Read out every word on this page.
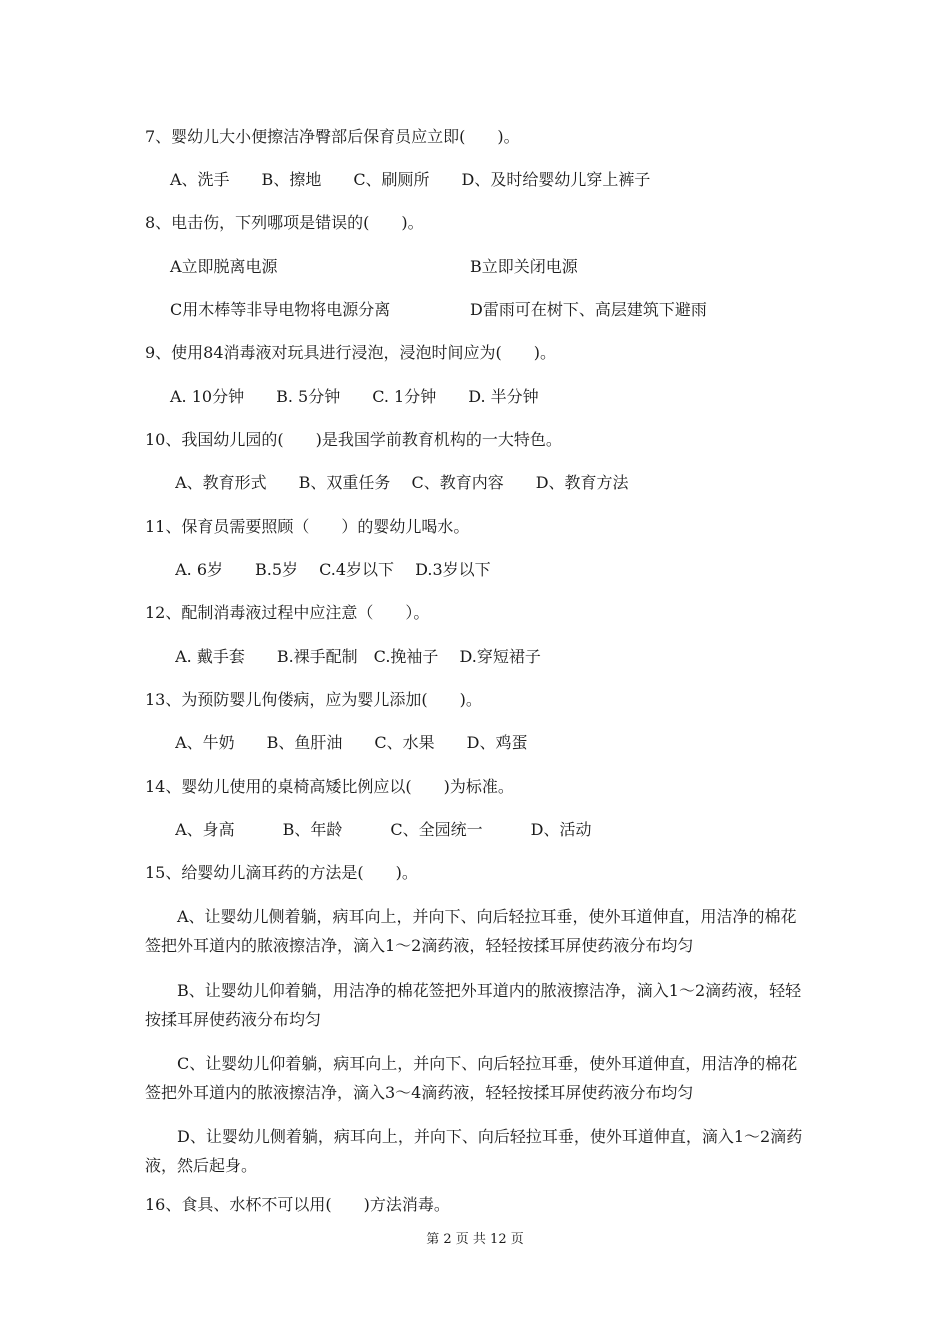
7、婴幼儿大小便擦洁净臀部后保育员应立即(　　)。
A、洗手　　B、擦地　　C、刷厕所　　D、及时给婴幼儿穿上裤子
8、电击伤，下列哪项是错误的(　　)。
A立即脱离电源	B立即关闭电源
C用木棒等非导电物将电源分离	D雷雨可在树下、高层建筑下避雨
9、使用84消毒液对玩具进行浸泡，浸泡时间应为(　　)。
A. 10分钟　　B. 5分钟　　C. 1分钟　　D. 半分钟
10、我国幼儿园的(　　)是我国学前教育机构的一大特色。
A、教育形式　　B、双重任务　 C、教育内容　　D、教育方法
11、保育员需要照顾（　　）的婴幼儿喝水。
A. 6岁　　B.5岁　 C.4岁以下　 D.3岁以下
12、配制消毒液过程中应注意（　　）。
A. 戴手套　　B.裸手配制　C.挽袖子　 D.穿短裙子
13、为预防婴儿佝偻病，应为婴儿添加(　　)。
A、牛奶　　B、鱼肝油　　C、水果　　D、鸡蛋
14、婴幼儿使用的桌椅高矮比例应以(　　)为标准。
A、身高　　　B、年龄　　　C、全园统一　　　D、活动
15、给婴幼儿滴耳药的方法是(　　)。
　　A、让婴幼儿侧着躺，病耳向上，并向下、向后轻拉耳垂，使外耳道伸直，用洁净的棉花签把外耳道内的脓液擦洁净，滴入1～2滴药液，轻轻按揉耳屏使药液分布均匀
　　B、让婴幼儿仰着躺，用洁净的棉花签把外耳道内的脓液擦洁净，滴入1～2滴药液，轻轻按揉耳屏使药液分布均匀
　　C、让婴幼儿仰着躺，病耳向上，并向下、向后轻拉耳垂，使外耳道伸直，用洁净的棉花签把外耳道内的脓液擦洁净，滴入3～4滴药液，轻轻按揉耳屏使药液分布均匀
　　D、让婴幼儿侧着躺，病耳向上，并向下、向后轻拉耳垂，使外耳道伸直，滴入1～2滴药液，然后起身。
16、食具、水杯不可以用(　　)方法消毒。
第 2 页 共 12 页
